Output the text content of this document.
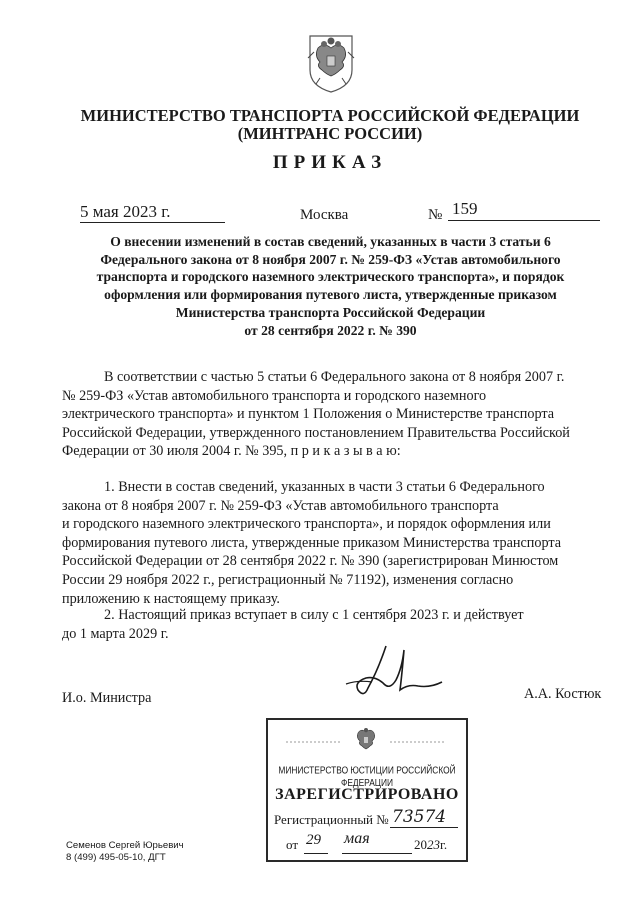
МИНИСТЕРСТВО ТРАНСПОРТА РОССИЙСКОЙ ФЕДЕРАЦИИ
(МИНТРАНС РОССИИ)
ПРИКАЗ
5 мая 2023 г.	Москва	№ 159
О внесении изменений в состав сведений, указанных в части 3 статьи 6
Федерального закона от 8 ноября 2007 г. № 259-ФЗ «Устав автомобильного
транспорта и городского наземного электрического транспорта», и порядок
оформления или формирования путевого листа, утвержденные приказом
Министерства транспорта Российской Федерации
от 28 сентября 2022 г. № 390
В соответствии с частью 5 статьи 6 Федерального закона от 8 ноября 2007 г.
№ 259-ФЗ «Устав автомобильного транспорта и городского наземного
электрического транспорта» и пунктом 1 Положения о Министерстве транспорта
Российской Федерации, утвержденного постановлением Правительства Российской
Федерации от 30 июля 2004 г. № 395, п р и к а з ы в а ю:
1. Внести в состав сведений, указанных в части 3 статьи 6 Федерального
закона от 8 ноября 2007 г. № 259-ФЗ «Устав автомобильного транспорта
и городского наземного электрического транспорта», и порядок оформления или
формирования путевого листа, утвержденные приказом Министерства транспорта
Российской Федерации от 28 сентября 2022 г. № 390 (зарегистрирован Минюстом
России 29 ноября 2022 г., регистрационный № 71192), изменения согласно
приложению к настоящему приказу.
2. Настоящий приказ вступает в силу с 1 сентября 2023 г. и действует
до 1 марта 2029 г.
И.о. Министра	А.А. Костюк
МИНИСТЕРСТВО ЮСТИЦИИ РОССИЙСКОЙ ФЕДЕРАЦИИ
ЗАРЕГИСТРИРОВАНО
Регистрационный № 73574
от 29 мая	2023г.
Семенов Сергей Юрьевич
8 (499) 495-05-10, ДГТ
